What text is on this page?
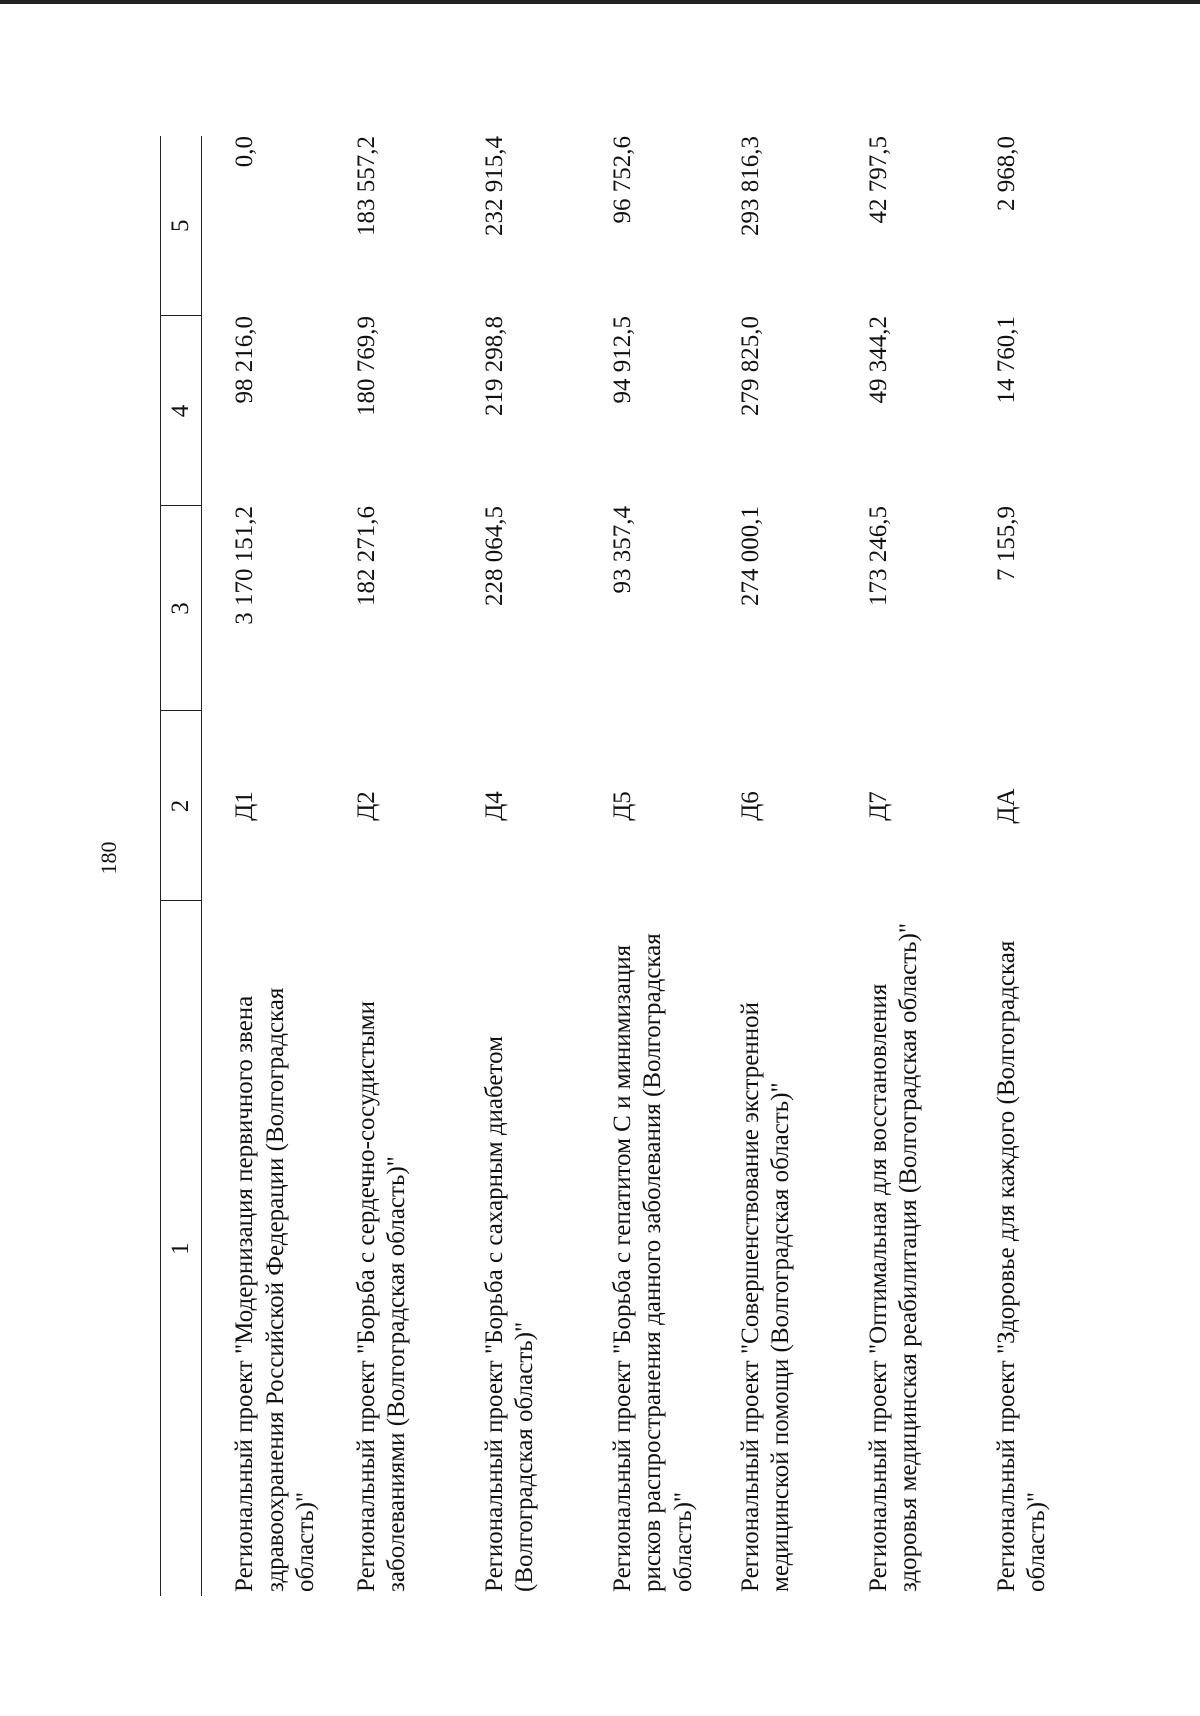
180
1	2	3	4	5
Региональный проект "Модернизация первичного звена здравоохранения Российской Федерации (Волгоградская область)"	Д1	3 170 151,2	98 216,0	0,0
Региональный проект "Борьба с сердечно-сосудистыми заболеваниями (Волгоградская область)"	Д2	182 271,6	180 769,9	183 557,2
Региональный проект "Борьба с сахарным диабетом (Волгоградская область)"	Д4	228 064,5	219 298,8	232 915,4
Региональный проект "Борьба с гепатитом С и минимизация рисков распространения данного заболевания (Волгоградская область)"	Д5	93 357,4	94 912,5	96 752,6
Региональный проект "Совершенствование экстренной медицинской помощи (Волгоградская область)"	Д6	274 000,1	279 825,0	293 816,3
Региональный проект "Оптимальная для восстановления здоровья медицинская реабилитация (Волгоградская область)"	Д7	173 246,5	49 344,2	42 797,5
Региональный проект "Здоровье для каждого (Волгоградская область)"	ДА	7 155,9	14 760,1	2 968,0
